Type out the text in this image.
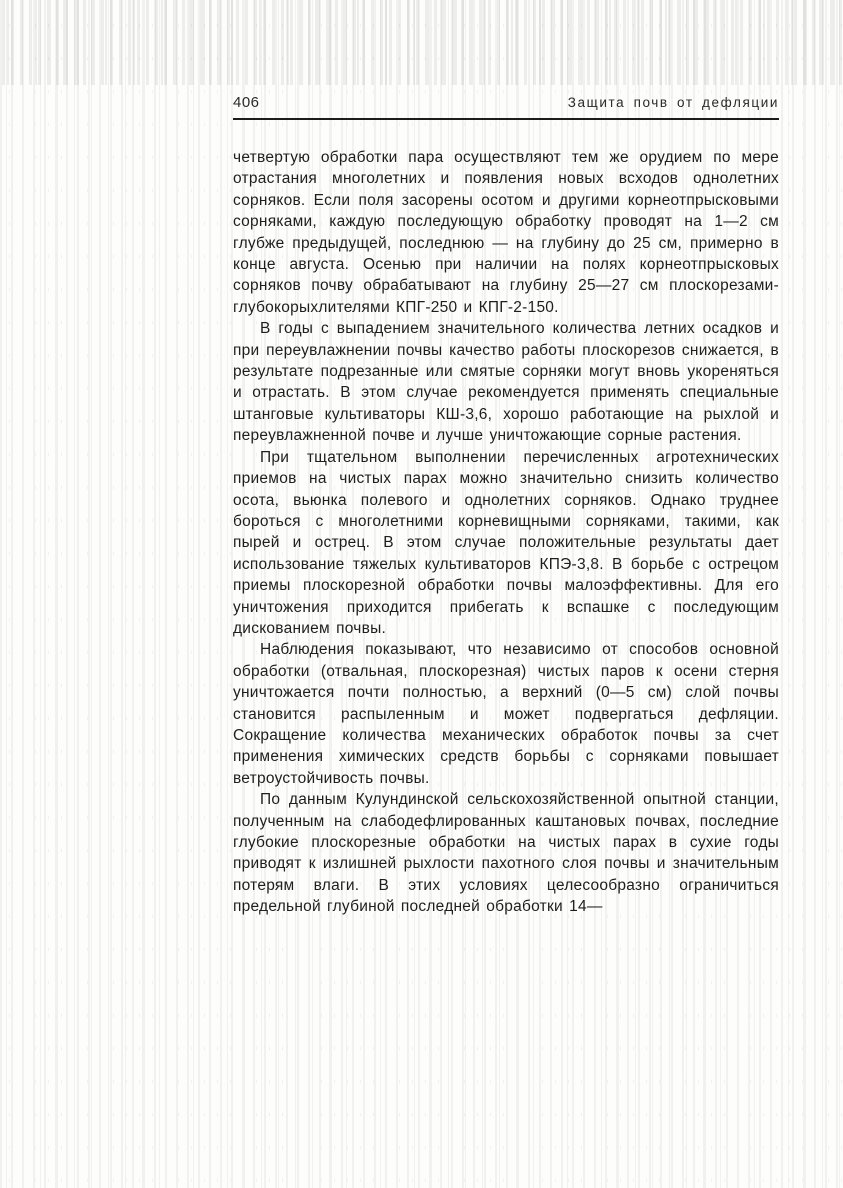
406	Защита почв от дефляции

четвертую обработки пара осуществляют тем же орудием по мере отрастания многолетних и появления новых всходов однолетних сорняков. Если поля засорены осотом и другими корнеотпрысковыми сорняками, каждую последующую обработку проводят на 1—2 см глубже предыдущей, последнюю — на глубину до 25 см, примерно в конце августа. Осенью при наличии на полях корнеотпрысковых сорняков почву обрабатывают на глубину 25—27 см плоскорезами-глубокорыхлителями КПГ-250 и КПГ-2-150.

В годы с выпадением значительного количества летних осадков и при переувлажнении почвы качество работы плоскорезов снижается, в результате подрезанные или смятые сорняки могут вновь укореняться и отрастать. В этом случае рекомендуется применять специальные штанговые культиваторы КШ-3,6, хорошо работающие на рыхлой и переувлажненной почве и лучше уничтожающие сорные растения.

При тщательном выполнении перечисленных агротехнических приемов на чистых парах можно значительно снизить количество осота, вьюнка полевого и однолетних сорняков. Однако труднее бороться с многолетними корневищными сорняками, такими, как пырей и острец. В этом случае положительные результаты дает использование тяжелых культиваторов КПЭ-3,8. В борьбе с острецом приемы плоскорезной обработки почвы малоэффективны. Для его уничтожения приходится прибегать к вспашке с последующим дискованием почвы.

Наблюдения показывают, что независимо от способов основной обработки (отвальная, плоскорезная) чистых паров к осени стерня уничтожается почти полностью, а верхний (0—5 см) слой почвы становится распыленным и может подвергаться дефляции. Сокращение количества механических обработок почвы за счет применения химических средств борьбы с сорняками повышает ветроустойчивость почвы.

По данным Кулундинской сельскохозяйственной опытной станции, полученным на слабодефлированных каштановых почвах, последние глубокие плоскорезные обработки на чистых парах в сухие годы приводят к излишней рыхлости пахотного слоя почвы и значительным потерям влаги. В этих условиях целесообразно ограничиться предельной глубиной последней обработки 14—
